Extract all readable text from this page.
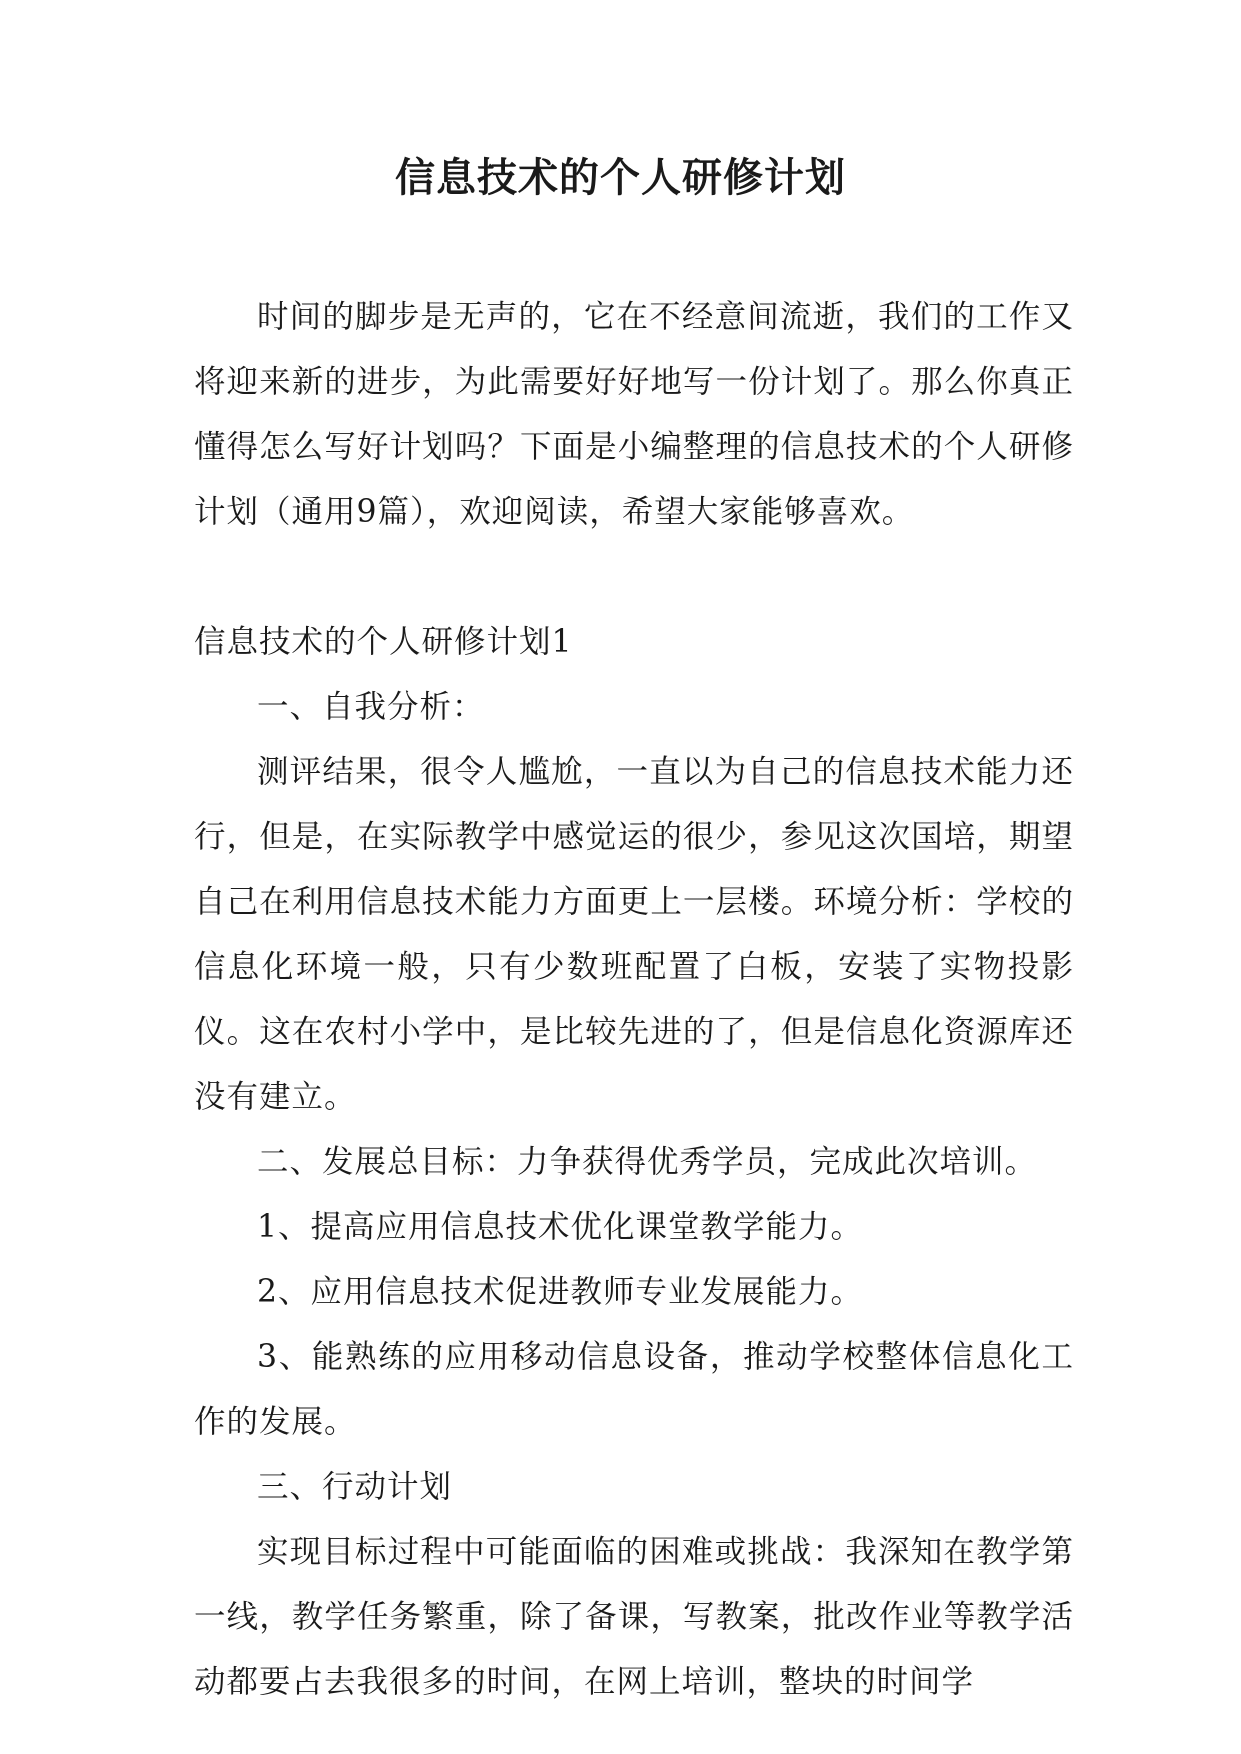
信息技术的个人研修计划

时间的脚步是无声的，它在不经意间流逝，我们的工作又将迎来新的进步，为此需要好好地写一份计划了。那么你真正懂得怎么写好计划吗？下面是小编整理的信息技术的个人研修计划（通用9篇），欢迎阅读，希望大家能够喜欢。

信息技术的个人研修计划1

一、自我分析：

测评结果，很令人尴尬，一直以为自己的信息技术能力还行，但是，在实际教学中感觉运的很少，参见这次国培，期望自己在利用信息技术能力方面更上一层楼。环境分析：学校的信息化环境一般，只有少数班配置了白板，安装了实物投影仪。这在农村小学中，是比较先进的了，但是信息化资源库还没有建立。

二、发展总目标：力争获得优秀学员，完成此次培训。

1、提高应用信息技术优化课堂教学能力。

2、应用信息技术促进教师专业发展能力。

3、能熟练的应用移动信息设备，推动学校整体信息化工作的发展。

三、行动计划

实现目标过程中可能面临的困难或挑战：我深知在教学第一线，教学任务繁重，除了备课，写教案，批改作业等教学活动都要占去我很多的时间，在网上培训，整块的时间学
